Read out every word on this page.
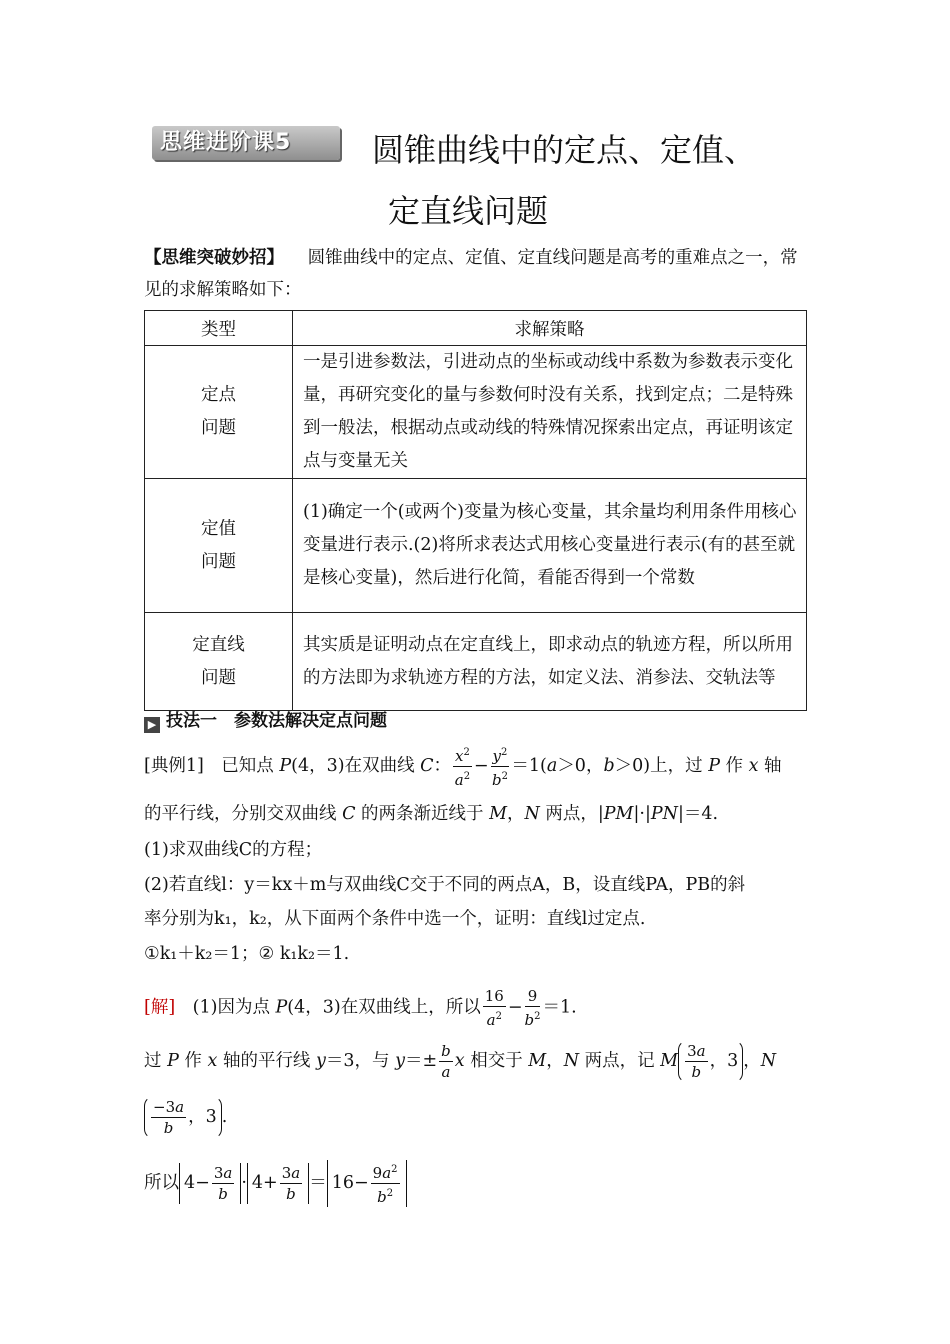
思维进阶课5	圆锥曲线中的定点、定值、
定直线问题
【思维突破妙招】 圆锥曲线中的定点、定值、定直线问题是高考的重难点之一，常见的求解策略如下：
类型	求解策略

定点
问题	一是引进参数法，引进动点的坐标或动线中系数为参数表示变化量，再研究变化的量与参数何时没有关系，找到定点；二是特殊到一般法，根据动点或动线的特殊情况探索出定点，再证明该定点与变量无关

定值
问题	(1)确定一个(或两个)变量为核心变量，其余量均利用条件用核心变量进行表示.(2)将所求表达式用核心变量进行表示(有的甚至就是核心变量)，然后进行化简，看能否得到一个常数

定直线
问题	其实质是证明动点在定直线上，即求动点的轨迹方程，所以所用的方法即为求轨迹方程的方法，如定义法、消参法、交轨法等
▶ 技法一　参数法解决定点问题
[典例1]　已知点 P(4，3)在双曲线 C： $\frac{x^2}{a^2} - \frac{y^2}{b^2} =1(a>0$，b＞0)上，过 P 作 x 轴
的平行线，分别交双曲线 C 的两条渐近线于 M，N 两点，|PM|·|PN|＝4.
(1)求双曲线C的方程；
(2)若直线l：y＝kx＋m与双曲线C交于不同的两点A，B，设直线PA，PB的斜
率分别为k₁，k₂，从下面两个条件中选一个，证明：直线l过定点.
①k₁＋k₂＝1；② k₁k₂＝1.
[解]　(1)因为点 P(4，3)在双曲线上，所以 $\frac{16}{a^2} - \frac{9}{b^2} =1$.
过 P 作 x 轴的平行线 y＝3，与 $y=\pm \frac{b}{a}$ x 相交于 M，N 两点，记 M $\frac{3a}{b}$ ，3 ，N
$\frac{-3a}{b}$ ，3 .
所以 $4- \frac{3a}{b} \cdot 4+ \frac{3a}{b} = 16- \frac{9a^2}{b^2}$
